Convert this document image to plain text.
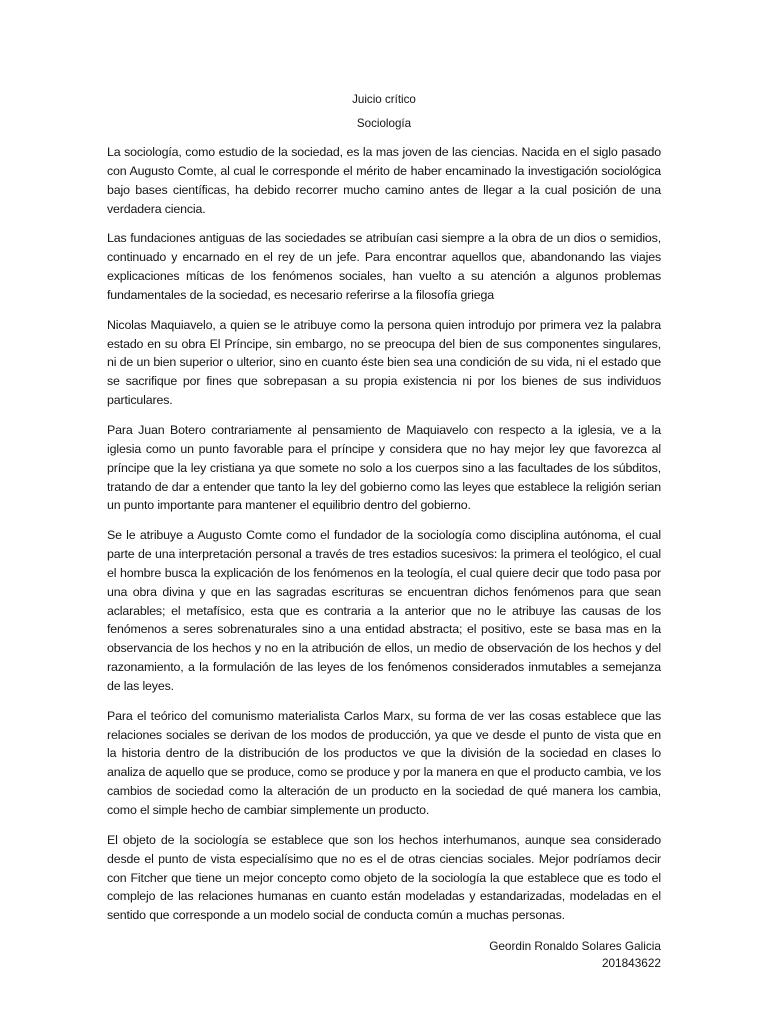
Juicio crítico

Sociología

La sociología, como estudio de la sociedad, es la mas joven de las ciencias. Nacida en el siglo pasado con Augusto Comte, al cual le corresponde el mérito de haber encaminado la investigación sociológica bajo bases científicas, ha debido recorrer mucho camino antes de llegar a la cual posición de una verdadera ciencia.

Las fundaciones antiguas de las sociedades se atribuían casi siempre a la obra de un dios o semidios, continuado y encarnado en el rey de un jefe. Para encontrar aquellos que, abandonando las viajes explicaciones míticas de los fenómenos sociales, han vuelto a su atención a algunos problemas fundamentales de la sociedad, es necesario referirse a la filosofía griega

Nicolas Maquiavelo, a quien se le atribuye como la persona quien introdujo por primera vez la palabra estado en su obra El Príncipe, sin embargo, no se preocupa del bien de sus componentes singulares, ni de un bien superior o ulterior, sino en cuanto éste bien sea una condición de su vida, ni el estado que se sacrifique por fines que sobrepasan a su propia existencia ni por los bienes de sus individuos particulares.

Para Juan Botero contrariamente al pensamiento de Maquiavelo con respecto a la iglesia, ve a la iglesia como un punto favorable para el príncipe y considera que no hay mejor ley que favorezca al príncipe que la ley cristiana ya que somete no solo a los cuerpos sino a las facultades de los súbditos, tratando de dar a entender que tanto la ley del gobierno como las leyes que establece la religión serian un punto importante para mantener el equilibrio dentro del gobierno.

Se le atribuye a Augusto Comte como el fundador de la sociología como disciplina autónoma, el cual parte de una interpretación personal a través de tres estadios sucesivos: la primera el teológico, el cual el hombre busca la explicación de los fenómenos en la teología, el cual quiere decir que todo pasa por una obra divina y que en las sagradas escrituras se encuentran dichos fenómenos para que sean aclarables; el metafísico, esta que es contraria a la anterior que no le atribuye las causas de los fenómenos a seres sobrenaturales sino a una entidad abstracta; el positivo, este se basa mas en la observancia de los hechos y no en la atribución de ellos, un medio de observación de los hechos y del razonamiento, a la formulación de las leyes de los fenómenos considerados inmutables a semejanza de las leyes.

Para el teórico del comunismo materialista Carlos Marx, su forma de ver las cosas establece que las relaciones sociales se derivan de los modos de producción, ya que ve desde el punto de vista que en la historia dentro de la distribución de los productos ve que la división de la sociedad en clases lo analiza de aquello que se produce, como se produce y por la manera en que el producto cambia, ve los cambios de sociedad como la alteración de un producto en la sociedad de qué manera los cambia, como el simple hecho de cambiar simplemente un producto.

El objeto de la sociología se establece que son los hechos interhumanos, aunque sea considerado desde el punto de vista especialísimo que no es el de otras ciencias sociales. Mejor podríamos decir con Fitcher que tiene un mejor concepto como objeto de la sociología la que establece que es todo el complejo de las relaciones humanas en cuanto están modeladas y estandarizadas, modeladas en el sentido que corresponde a un modelo social de conducta común a muchas personas.

Geordin Ronaldo Solares Galicia
201843622
